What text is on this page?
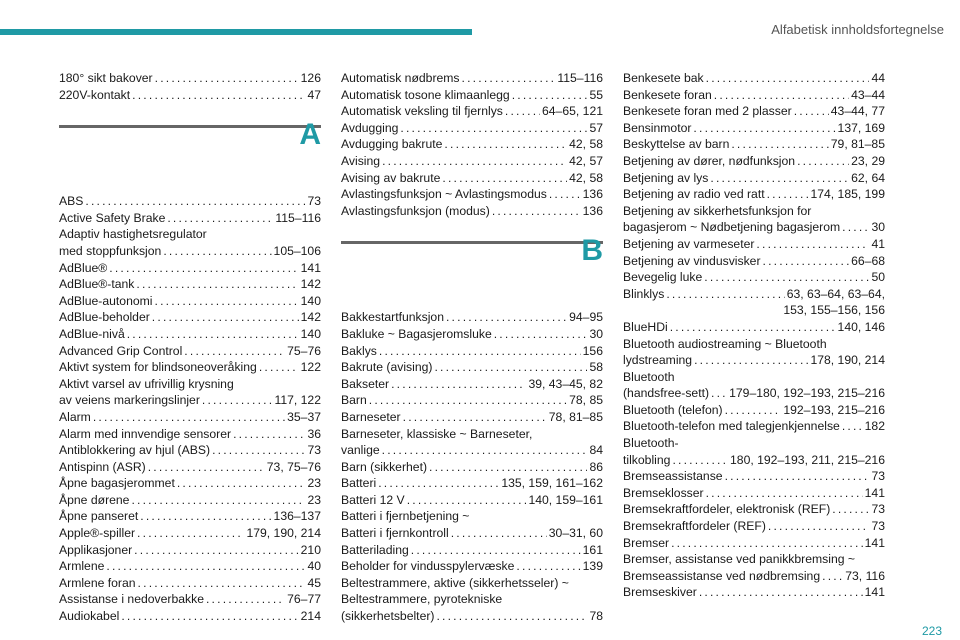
Alfabetisk innholdsfortegnelse
180° sikt bakover . . .	126
220V-kontakt . . .	47
A
ABS . . .	73
Active Safety Brake . . .	115–116
Adaptiv hastighetsregulator
med stoppfunksjon . . .	105–106
AdBlue® . . .	141
AdBlue®-tank . . .	142
AdBlue-autonomi . . .	140
AdBlue-beholder . . .	142
AdBlue-nivå . . .	140
Advanced Grip Control . . .	75–76
Aktivt system for blindsoneoveråking . . .	122
Aktivt varsel av ufrivillig krysning
av veiens markeringslinjer . . .	117, 122
Alarm . . .	35–37
Alarm med innvendige sensorer . . .	36
Antiblokkering av hjul (ABS) . . .	73
Antispinn (ASR) . . .	73, 75–76
Åpne bagasjerommet . . .	23
Åpne dørene . . .	23
Åpne panseret . . .	136–137
Apple®-spiller . . .	179, 190, 214
Applikasjoner . . .	210
Armlene . . .	40
Armlene foran . . .	45
Assistanse i nedoverbakke . . .	76–77
Audiokabel . . .	214
Automatisk nødbrems . . .	115–116
Automatisk tosone klimaanlegg . . .	55
Automatisk veksling til fjernlys . . .	64–65, 121
Avdugging . . .	57
Avdugging bakrute . . .	42, 58
Avising . . .	42, 57
Avising av bakrute . . .	42, 58
Avlastingsfunksjon ~ Avlastingsmodus . . .	136
Avlastingsfunksjon (modus) . . .	136
B
Bakkestartfunksjon . . .	94–95
Bakluke ~ Bagasjeromsluke . . .	30
Baklys . . .	156
Bakrute (avising) . . .	58
Bakseter . . .	39, 43–45, 82
Barn . . .	78, 85
Barneseter . . .	78, 81–85
Barneseter, klassiske ~ Barneseter,
vanlige . . .	84
Barn (sikkerhet) . . .	86
Batteri . . .	135, 159, 161–162
Batteri 12 V . . .	140, 159–161
Batteri i fjernbetjening ~
Batteri i fjernkontroll . . .	30–31, 60
Batterilading . . .	161
Beholder for vindusspylervæske . . .	139
Beltestrammere, aktive (sikkerhetsseler) ~
Beltestrammere, pyrotekniske
(sikkerhetsbelter) . . .	78
Benkesete bak . . .	44
Benkesete foran . . .	43–44
Benkesete foran med 2 plasser . . .	43–44, 77
Bensinmotor . . .	137, 169
Beskyttelse av barn . . .	79, 81–85
Betjening av dører, nødfunksjon . . .	23, 29
Betjening av lys . . .	62, 64
Betjening av radio ved ratt . . .	174, 185, 199
Betjening av sikkerhetsfunksjon for
bagasjerom ~ Nødbetjening bagasjerom . . .	30
Betjening av varmeseter . . .	41
Betjening av vindusvisker . . .	66–68
Bevegelig luke . . .	50
Blinklys . . .	63, 63–64, 63–64,
153, 155–156, 156
BlueHDi . . .	140, 146
Bluetooth audiostreaming ~ Bluetooth
lydstreaming . . .	178, 190, 214
Bluetooth
(handsfree-sett) . . . 179–180, 192–193, 215–216
Bluetooth (telefon) . . .	192–193, 215–216
Bluetooth-telefon med talegjenkjennelse . . . 182
Bluetooth-
tilkobling . . .	180, 192–193, 211, 215–216
Bremseassistanse . . .	73
Bremseklosser . . .	141
Bremsekraftfordeler, elektronisk (REF) . . .	73
Bremsekraftfordeler (REF) . . .	73
Bremser . . .	141
Bremser, assistanse ved panikkbremsing ~
Bremseassistanse ved nødbremsing . . . 73, 116
Bremseskiver . . .	141
223
